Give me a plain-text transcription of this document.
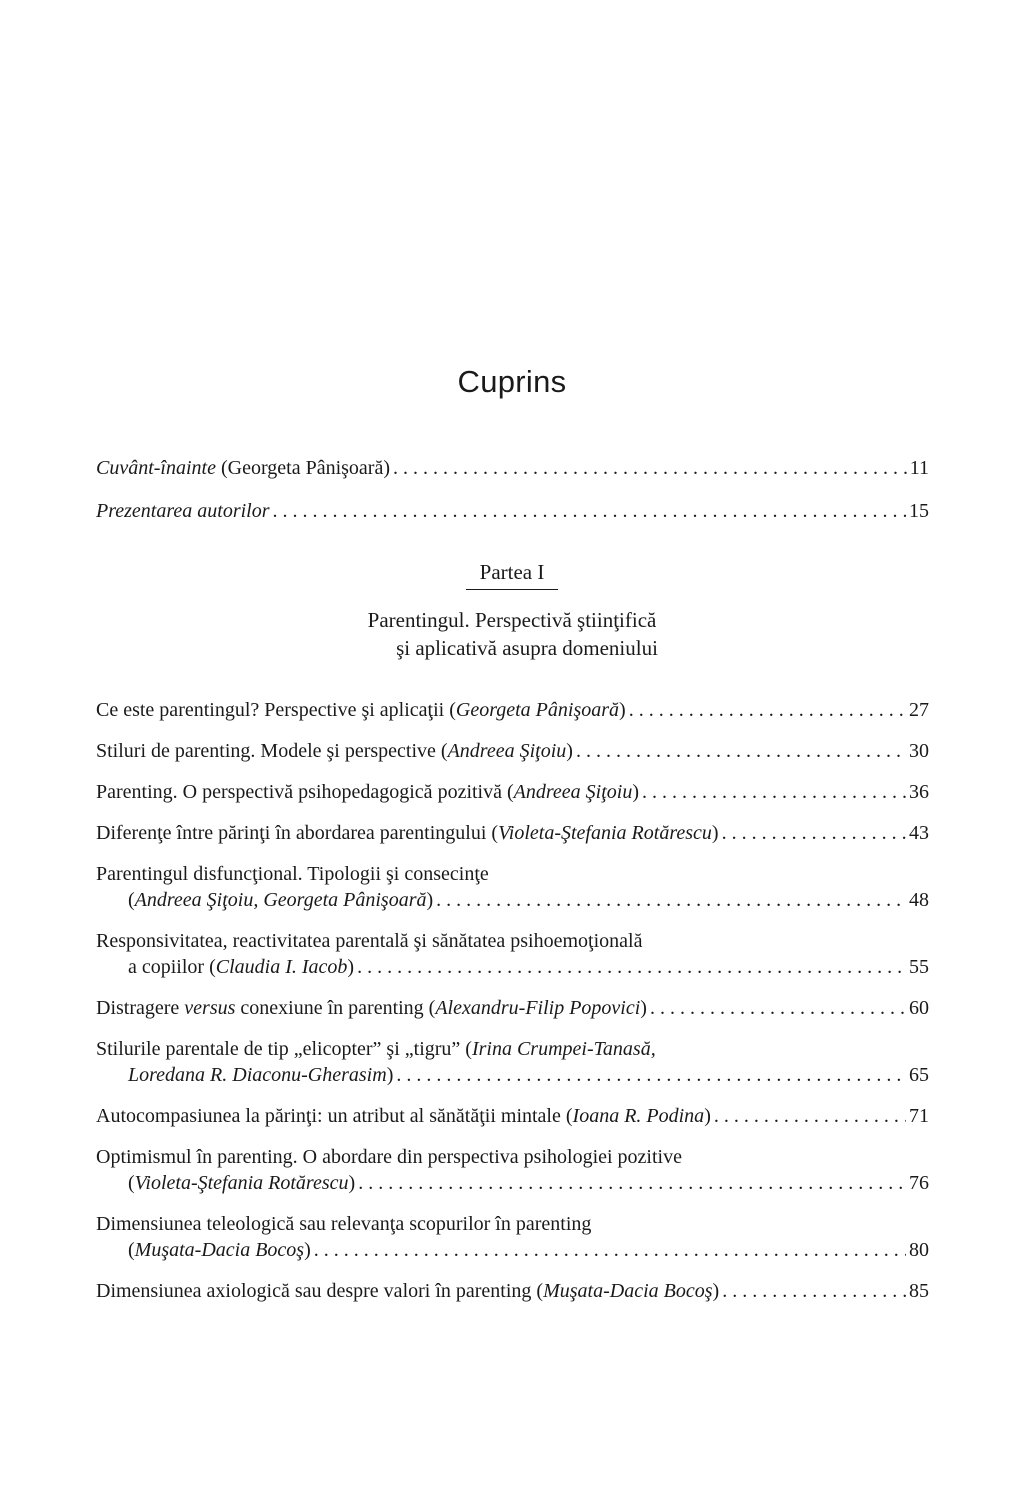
Cuprins
Cuvânt-înainte (Georgeta Pânişoară) . . .	11
Prezentarea autorilor . . .	15
Partea I
Parentingul. Perspectivă ştiinţifică
şi aplicativă asupra domeniului
Ce este parentingul? Perspective şi aplicaţii (Georgeta Pânişoară) . . .	27
Stiluri de parenting. Modele şi perspective (Andreea Şiţoiu) . . .	30
Parenting. O perspectivă psihopedagogică pozitivă (Andreea Şiţoiu) . . .	36
Diferenţe între părinţi în abordarea parentingului (Violeta-Ştefania Rotărescu) . . .	43
Parentingul disfuncţional. Tipologii şi consecinţe
(Andreea Şiţoiu, Georgeta Pânişoară) . . .	48
Responsivitatea, reactivitatea parentală şi sănătatea psihoemoţională
a copiilor (Claudia I. Iacob) . . .	55
Distragere versus conexiune în parenting (Alexandru-Filip Popovici) . . .	60
Stilurile parentale de tip „elicopter” şi „tigru” (Irina Crumpei-Tanasă,
Loredana R. Diaconu-Gherasim) . . .	65
Autocompasiunea la părinţi: un atribut al sănătăţii mintale (Ioana R. Podina) . . .	71
Optimismul în parenting. O abordare din perspectiva psihologiei pozitive
(Violeta-Ştefania Rotărescu) . . .	76
Dimensiunea teleologică sau relevanţa scopurilor în parenting
(Muşata-Dacia Bocoş) . . .	80
Dimensiunea axiologică sau despre valori în parenting (Muşata-Dacia Bocoş) . . .	85
